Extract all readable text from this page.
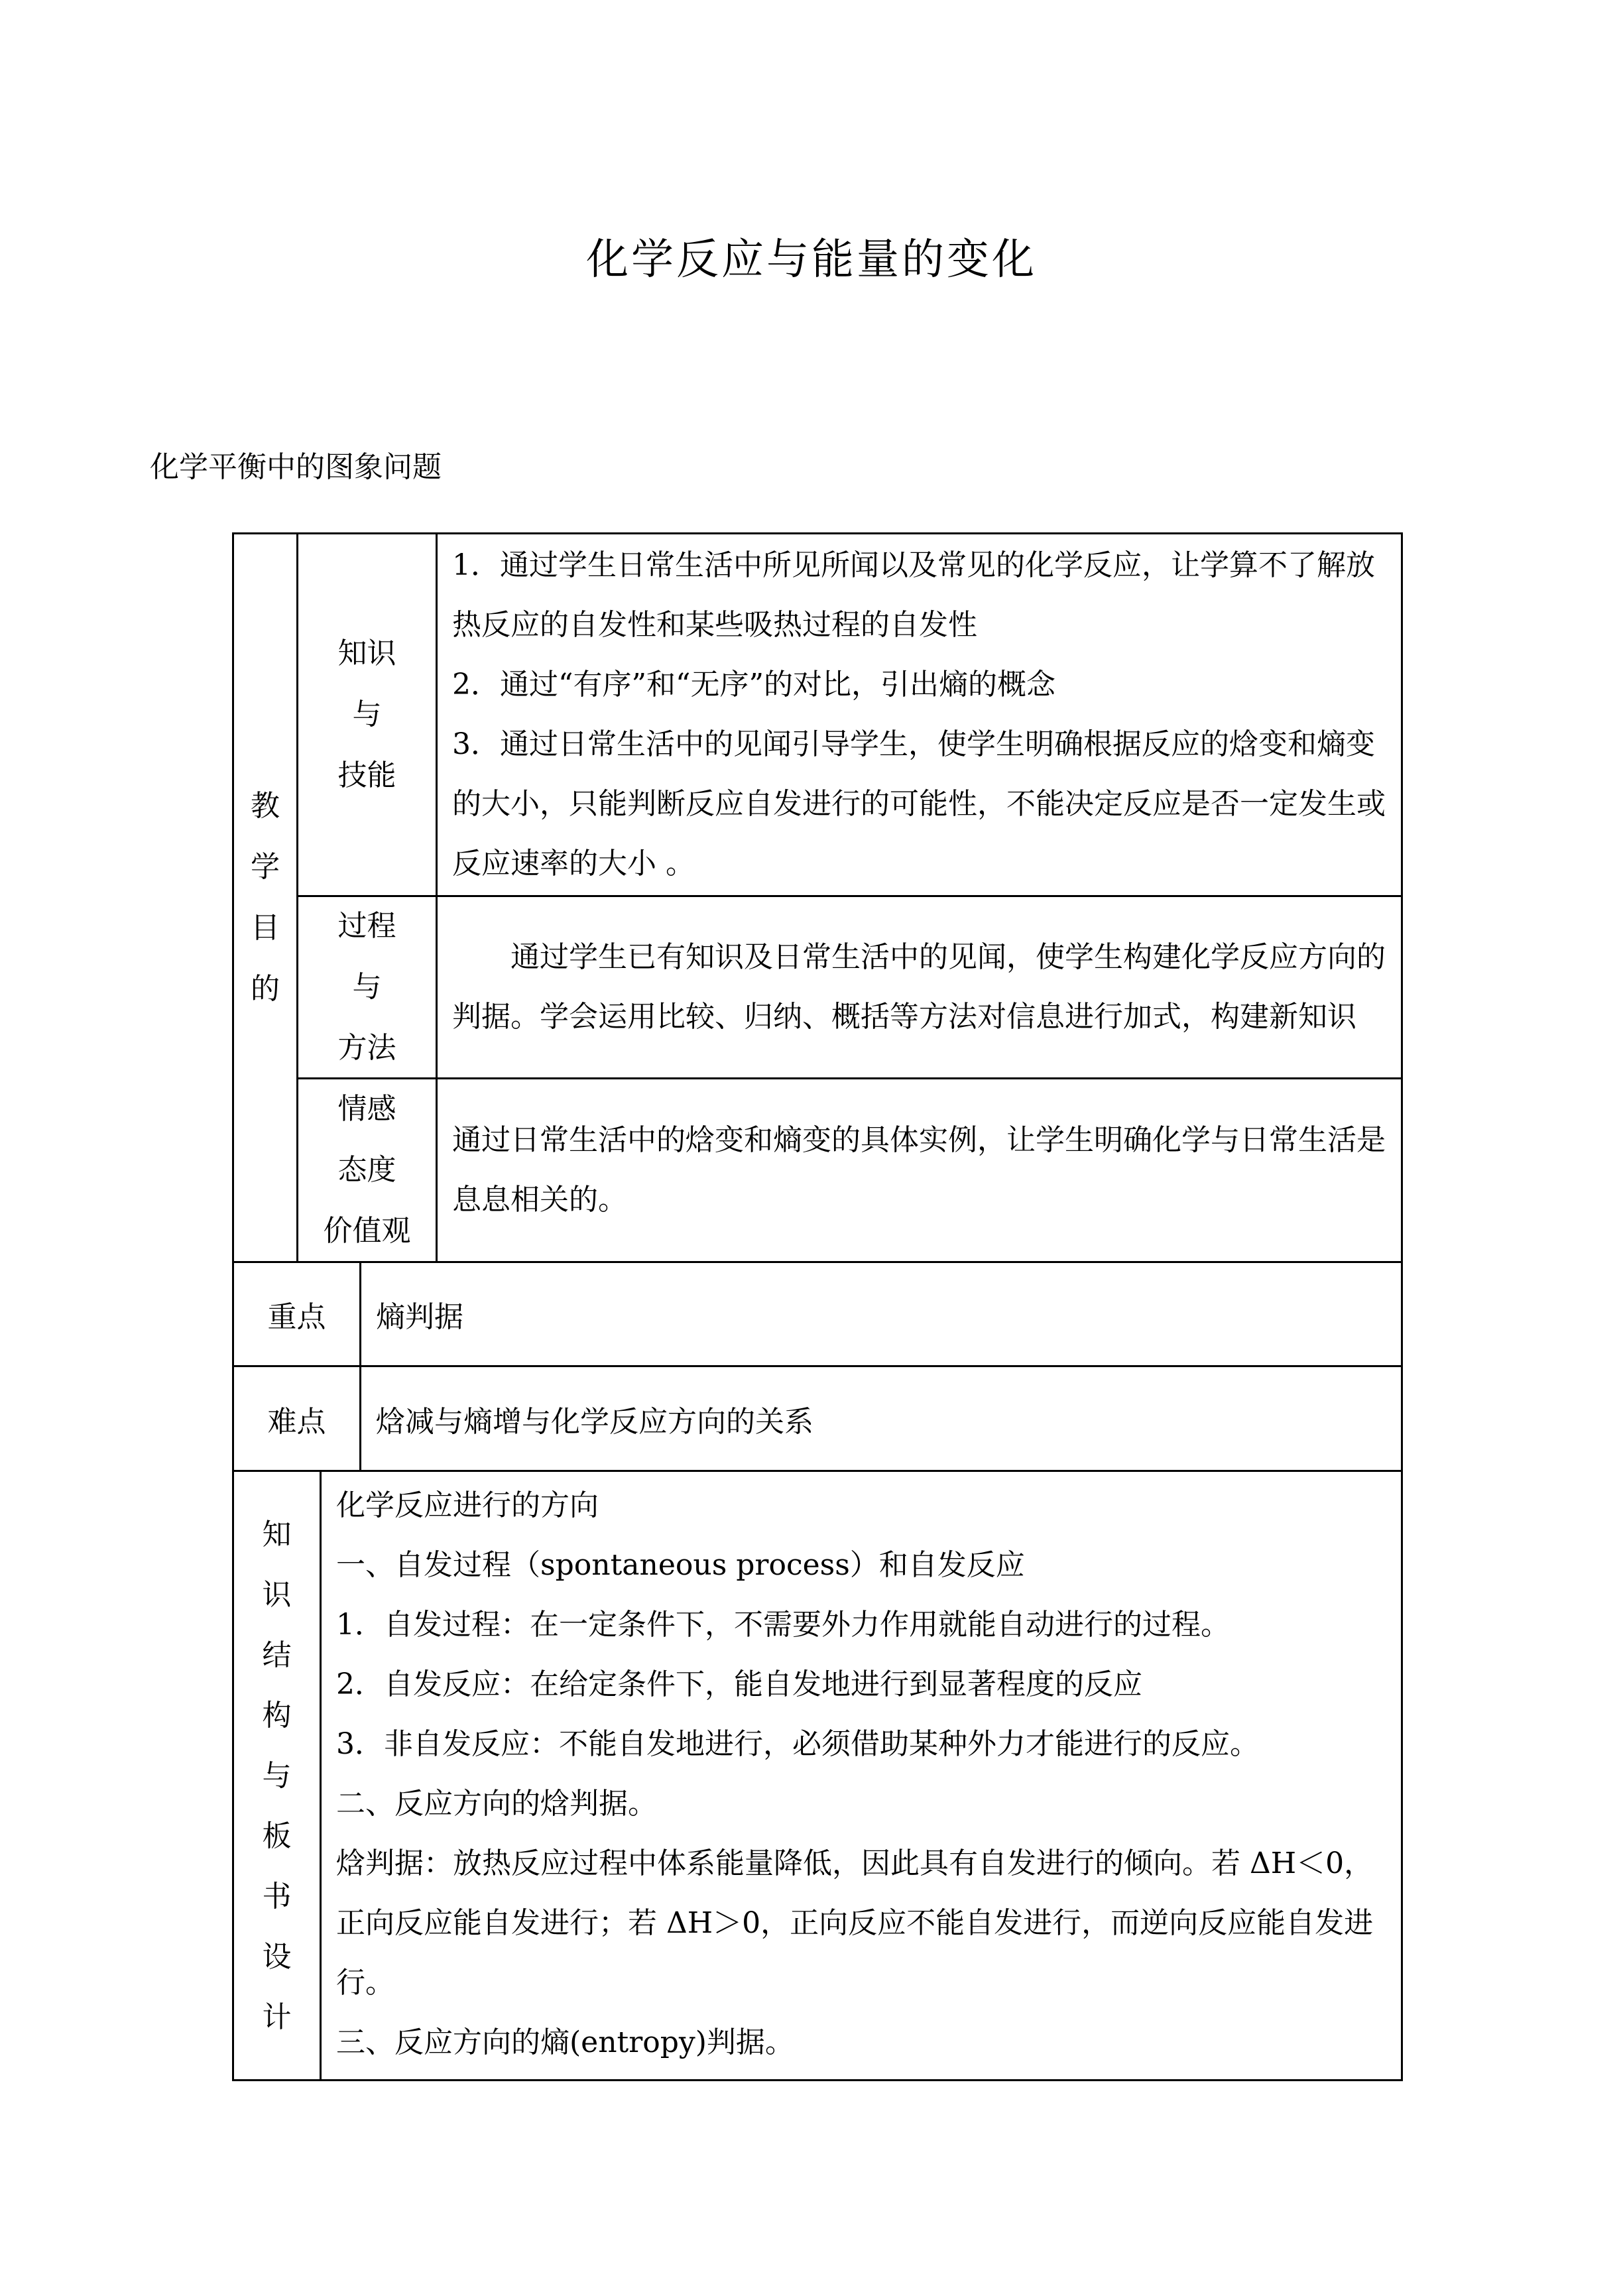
化学反应与能量的变化
化学平衡中的图象问题
教
学
目
的
知识
与
技能

1．通过学生日常生活中所见所闻以及常见的化学反应，让学算不了解放热反应的自发性和某些吸热过程的自发性

2．通过“有序”和“无序”的对比，引出熵的概念

3．通过日常生活中的见闻引导学生，使学生明确根据反应的焓变和熵变的大小，只能判断反应自发进行的可能性，不能决定反应是否一定发生或反应速率的大小 。

过程
与
方法

通过学生已有知识及日常生活中的见闻，使学生构建化学反应方向的判据。学会运用比较、归纳、概括等方法对信息进行加式，构建新知识

情感
态度
价值观

通过日常生活中的焓变和熵变的具体实例，让学生明确化学与日常生活是息息相关的。

重点 熵判据
难点 焓减与熵增与化学反应方向的关系
知
识
结
构
与
板
书
设
计

化学反应进行的方向

一、自发过程（spontaneous process）和自发反应

1．自发过程：在一定条件下，不需要外力作用就能自动进行的过程。

2．自发反应：在给定条件下，能自发地进行到显著程度的反应

3．非自发反应：不能自发地进行，必须借助某种外力才能进行的反应。

二、反应方向的焓判据。

焓判据：放热反应过程中体系能量降低，因此具有自发进行的倾向。若 ΔH＜0，正向反应能自发进行；若 ΔH＞0，正向反应不能自发进行，而逆向反应能自发进行。

三、反应方向的熵(entropy)判据。
